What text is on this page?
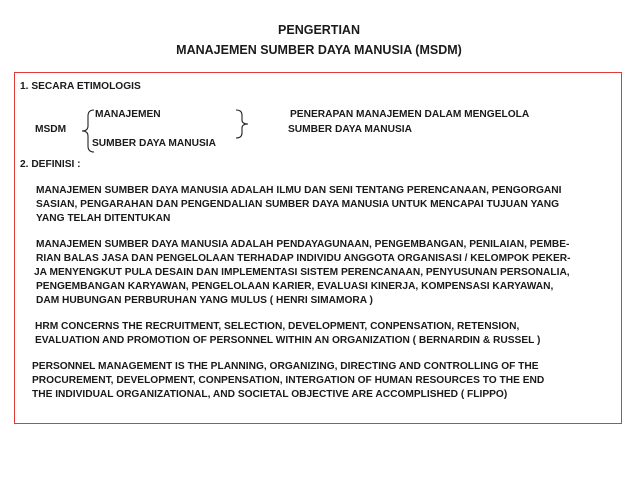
PENGERTIAN
MANAJEMEN SUMBER DAYA MANUSIA (MSDM)
1. SECARA ETIMOLOGIS
MANAJEMEN
MSDM
SUMBER DAYA MANUSIA
PENERAPAN MANAJEMEN DALAM MENGELOLA
SUMBER DAYA MANUSIA
2. DEFINISI :
MANAJEMEN SUMBER DAYA MANUSIA ADALAH ILMU DAN SENI TENTANG PERENCANAAN, PENGORGANI
SASIAN, PENGARAHAN DAN PENGENDALIAN SUMBER DAYA MANUSIA UNTUK MENCAPAI TUJUAN YANG
YANG TELAH DITENTUKAN
MANAJEMEN SUMBER DAYA MANUSIA ADALAH PENDAYAGUNAAN, PENGEMBANGAN, PENILAIAN, PEMBE-
RIAN BALAS JASA DAN PENGELOLAAN TERHADAP INDIVIDU ANGGOTA ORGANISASI / KELOMPOK PEKER-
JA MENYENGKUT PULA DESAIN DAN IMPLEMENTASI SISTEM PERENCANAAN, PENYUSUNAN PERSONALIA,
PENGEMBANGAN KARYAWAN, PENGELOLAAN KARIER, EVALUASI KINERJA, KOMPENSASI KARYAWAN,
DAM HUBUNGAN PERBURUHAN YANG MULUS ( HENRI SIMAMORA )
HRM CONCERNS THE RECRUITMENT, SELECTION, DEVELOPMENT, CONPENSATION, RETENSION,
EVALUATION AND PROMOTION OF PERSONNEL WITHIN AN ORGANIZATION ( BERNARDIN & RUSSEL )
PERSONNEL MANAGEMENT IS THE PLANNING, ORGANIZING, DIRECTING AND CONTROLLING OF THE
PROCUREMENT, DEVELOPMENT, CONPENSATION, INTERGATION OF HUMAN RESOURCES TO THE END
THE INDIVIDUAL ORGANIZATIONAL, AND SOCIETAL OBJECTIVE ARE ACCOMPLISHED ( FLIPPO)
